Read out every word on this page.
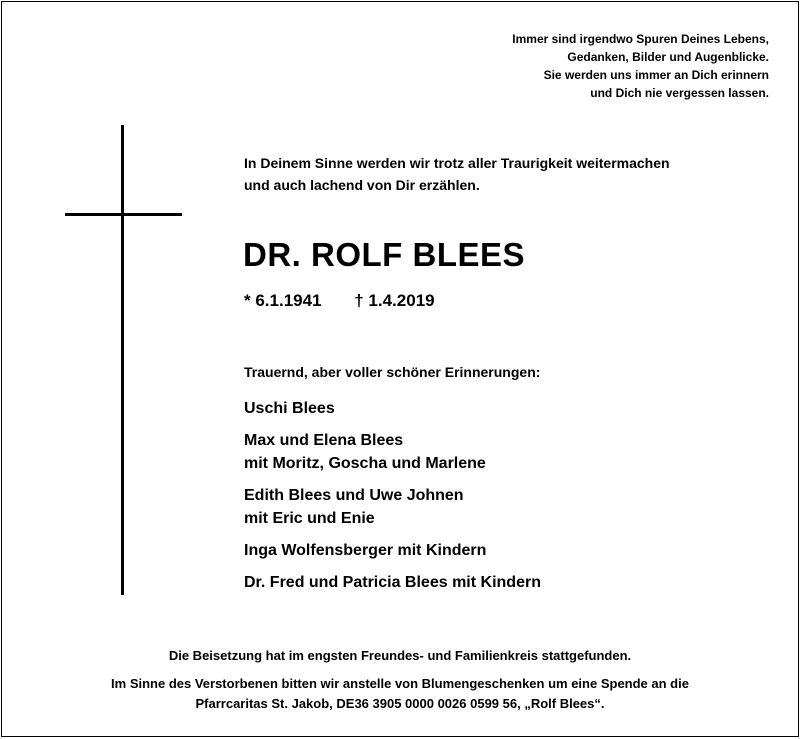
Immer sind irgendwo Spuren Deines Lebens,
Gedanken, Bilder und Augenblicke.
Sie werden uns immer an Dich erinnern
und Dich nie vergessen lassen.
In Deinem Sinne werden wir trotz aller Traurigkeit weitermachen
und auch lachend von Dir erzählen.
DR. ROLF BLEES
* 6.1.1941 † 1.4.2019
Trauernd, aber voller schöner Erinnerungen:
Uschi Blees
Max und Elena Blees
mit Moritz, Goscha und Marlene
Edith Blees und Uwe Johnen
mit Eric und Enie
Inga Wolfensberger mit Kindern
Dr. Fred und Patricia Blees mit Kindern
Die Beisetzung hat im engsten Freundes- und Familienkreis stattgefunden.
Im Sinne des Verstorbenen bitten wir anstelle von Blumengeschenken um eine Spende an die
Pfarrcaritas St. Jakob, DE36 3905 0000 0026 0599 56, „Rolf Blees“.
